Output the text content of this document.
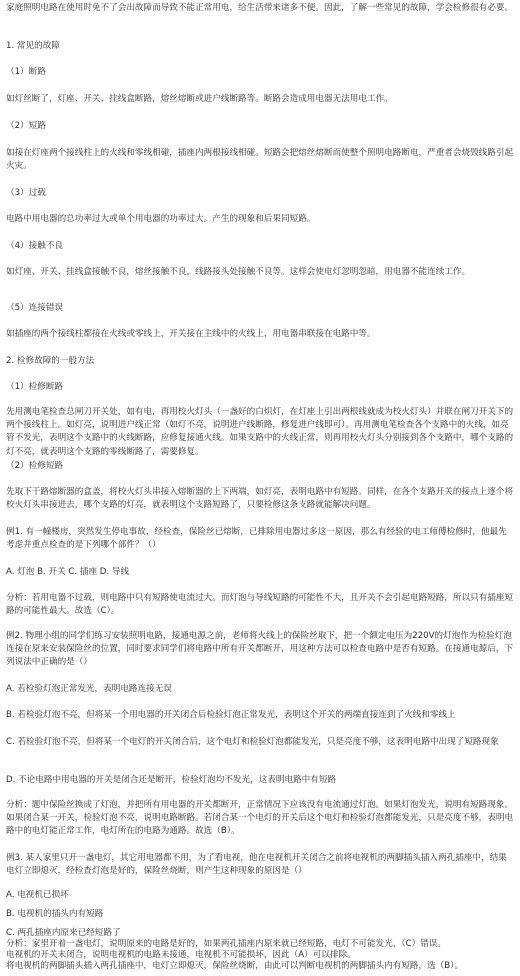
家庭照明电路在使用时免不了会出故障而导致不能正常用电，给生活带来诸多不便。因此，了解一些常见的故障，学会检修很有必要。

1. 常见的故障

（1）断路

如灯丝断了，灯座、开关、挂线盒断路，熔丝熔断或进户线断路等。断路会造成用电器无法用电工作。

（2）短路

如接在灯座两个接线柱上的火线和零线相碰，插座内两根接线相碰。短路会把熔丝熔断而使整个照明电路断电，严重者会烧毁线路引起火灾。

（3）过载

电路中用电器的总功率过大或单个用电器的功率过大。产生的现象和后果同短路。

（4）接触不良

如灯座、开关、挂线盒接触不良，熔丝接触不良，线路接头处接触不良等。这样会使电灯忽明忽暗，用电器不能连续工作。

（5）连接错误

如插座的两个接线柱都接在火线或零线上，开关接在主线中的火线上，用电器串联接在电路中等。

2. 检修故障的一般方法

（1）检修断路

先用测电笔检查总闸刀开关处，如有电，再用校火灯头（一盏好的白炽灯，在灯座上引出两根线就成为校火灯头）并联在闸刀开关下的两个接线柱上。如灯亮，说明进户线正常（如灯不亮，说明进户线断路，修复进户线即可）。再用测电笔检查各个支路中的火线，如亮管不发光，表明这个支路中的火线断路，应修复接通火线。如果支路中的火线正常，则再用校火灯头分别接到各个支路中，哪个支路的灯不亮，就表明这个支路的零线断路了，需要修复。

（2）检修短路

先取下干路熔断器的盒盖，将校火灯头串接入熔断器的上下两端，如灯亮，表明电路中有短路。同样，在各个支路开关的接点上逐个将校火灯头串接进去，哪个支路的灯亮，就表明这个支路短路了，只要检修这条支路就能解决问题。

例1. 有一幢楼房，突然发生停电事故，经检查，保险丝已熔断，已排除用电器过多这一原因，那么有经验的电工师傅检修时，他最先考虑并重点检查的是下列哪个部件？（）

A. 灯泡 B. 开关 C. 插座 D. 导线

分析：若用电器不过载，则电路中只有短路使电流过大。而灯泡与导线短路的可能性不大，且开关不会引起电路短路，所以只有插座短路的可能性最大。故选（C）。

例2. 物理小组的同学们练习安装照明电路，接通电源之前，老师将火线上的保险丝取下，把一个额定电压为220V的灯泡作为检验灯泡连接在原来安装保险丝的位置，同时要求同学们将电路中所有开关都断开，用这种方法可以检查电路中是否有短路。在接通电源后，下列说法中正确的是（）

A. 若检验灯泡正常发光，表明电路连接无误

B. 若检验灯泡不亮，但将某一个用电器的开关闭合后检验灯泡正常发光，表明这个开关的两端直接连到了火线和零线上

C. 若检验灯泡不亮，但将某一个电灯的开关闭合后，这个电灯和检验灯泡都能发光，只是亮度不够，这表明电路中出现了短路现象

D. 不论电路中用电器的开关是闭合还是断开，检验灯泡均不发光，这表明电路中有短路

分析：题中保险丝换成了灯泡，并把所有用电器的开关都断开，正常情况下应该没有电流通过灯泡。如果灯泡发光，说明有短路现象。如果闭合某一开关，检验灯泡不亮，说明电路断路。若闭合某一个电灯的开关后这个电灯和检验灯泡都能发光，只是亮度不够，表明电路中的电灯能正常工作，电灯所在的电路为通路。故选（B）。

例3. 某人家里只开一盏电灯，其它用电器都不用，为了看电视，他在电视机开关闭合之前将电视机的两脚插头插入两孔插座中，结果电灯立即熄灭，经检查灯泡是好的，保险丝烧断，则产生这种现象的原因是（）

A. 电视机已损坏

B. 电视机的插头内有短路

C. 两孔插座内原来已经短路了

分析：家里开着一盏电灯，说明原来的电路是好的，如果两孔插座内原来就已经短路，电灯不可能发光，（C）错误。

电视机的开关未闭合，说明电视机的电路未接通，电视机不可能损坏，因此（A）可以排除。

将电视机的两脚插头插入两孔插座中，电灯立即熄灭，保险丝烧断，由此可以判断电视机的两脚插头内有短路，选（B）。
